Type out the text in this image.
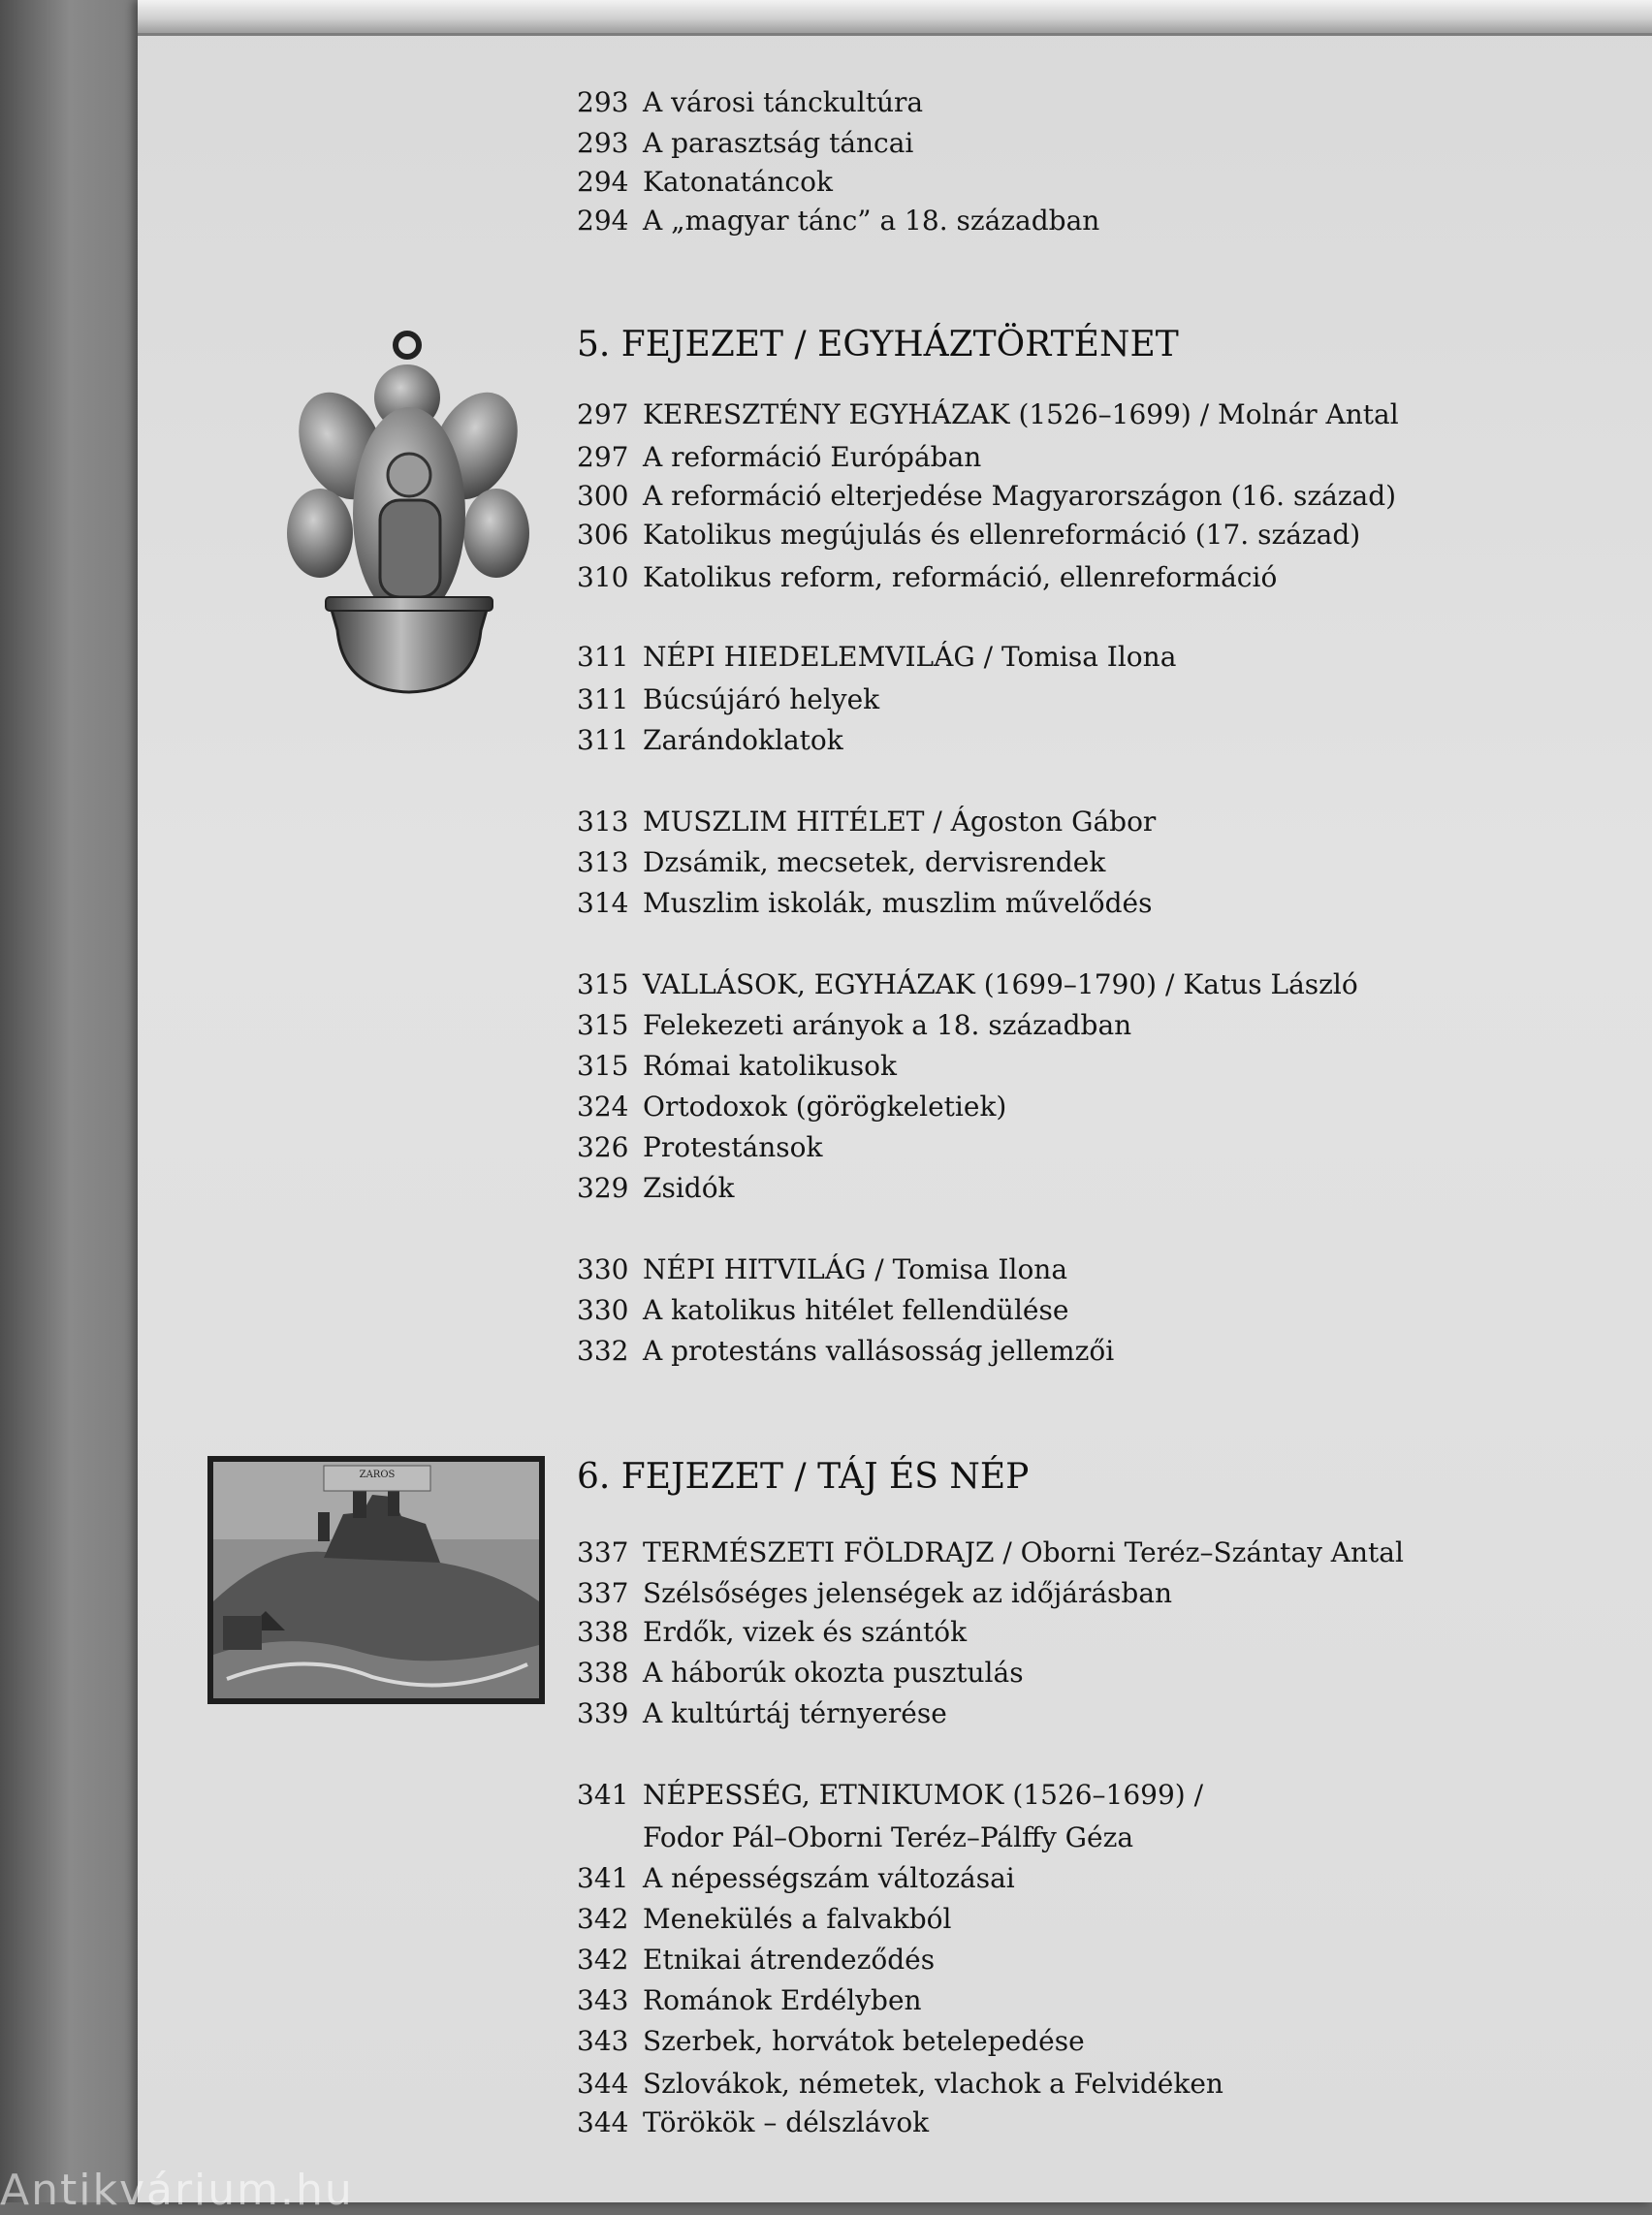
293 A városi tánckultúra
293 A parasztság táncai
294 Katonatáncok
294 A „magyar tánc” a 18. században
5. FEJEZET / EGYHÁZTÖRTÉNET
297 KERESZTÉNY EGYHÁZAK (1526–1699) / Molnár Antal
297 A reformáció Európában
300 A reformáció elterjedése Magyarországon (16. század)
306 Katolikus megújulás és ellenreformáció (17. század)
310 Katolikus reform, reformáció, ellenreformáció
311 NÉPI HIEDELEMVILÁG / Tomisa Ilona
311 Búcsújáró helyek
311 Zarándoklatok
313 MUSZLIM HITÉLET / Ágoston Gábor
313 Dzsámik, mecsetek, dervisrendek
314 Muszlim iskolák, muszlim művelődés
315 VALLÁSOK, EGYHÁZAK (1699–1790) / Katus László
315 Felekezeti arányok a 18. században
315 Római katolikusok
324 Ortodoxok (görögkeletiek)
326 Protestánsok
329 Zsidók
330 NÉPI HITVILÁG / Tomisa Ilona
330 A katolikus hitélet fellendülése
332 A protestáns vallásosság jellemzői
6. FEJEZET / TÁJ ÉS NÉP
337 TERMÉSZETI FÖLDRAJZ / Oborni Teréz–Szántay Antal
337 Szélsőséges jelenségek az időjárásban
338 Erdők, vizek és szántók
338 A háborúk okozta pusztulás
339 A kultúrtáj térnyerése
341 NÉPESSÉG, ETNIKUMOK (1526–1699) /
Fodor Pál–Oborni Teréz–Pálffy Géza
341 A népességszám változásai
342 Menekülés a falvakból
342 Etnikai átrendeződés
343 Románok Erdélyben
343 Szerbek, horvátok betelepedése
344 Szlovákok, németek, vlachok a Felvidéken
344 Törökök – délszlávok
ZAROS
Antikvárium.hu
